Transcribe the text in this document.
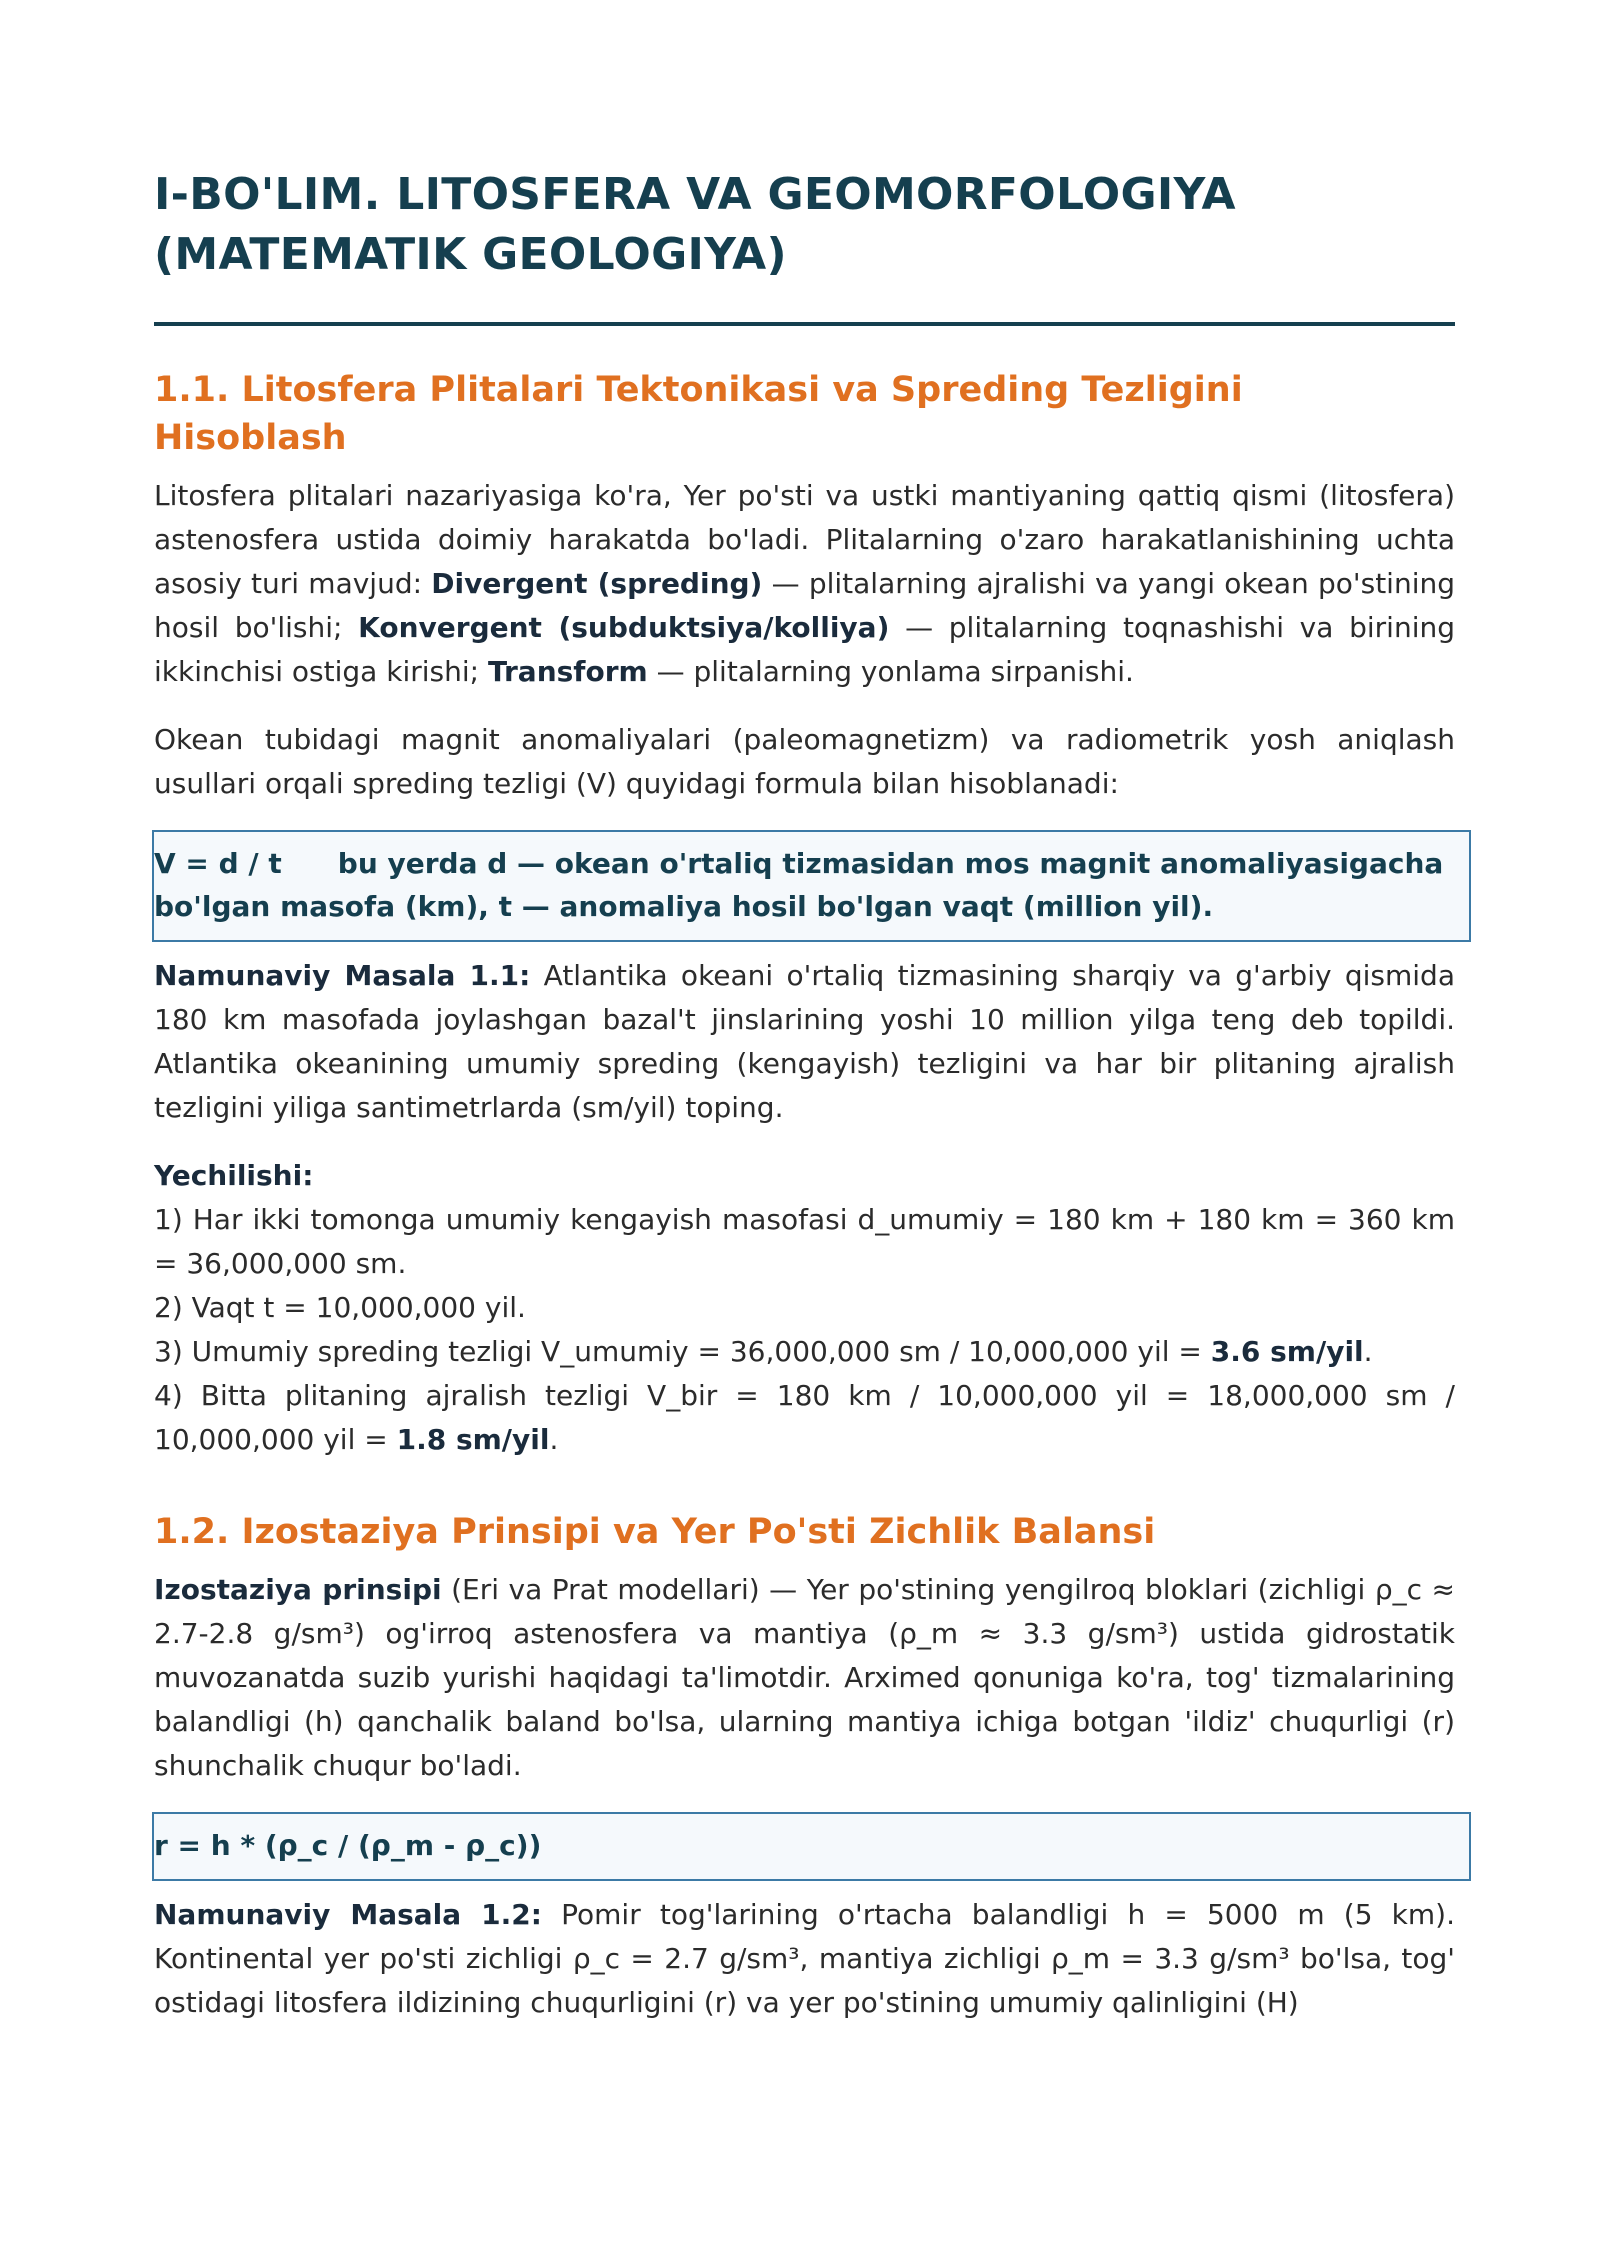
I-BO'LIM. LITOSFERA VA GEOMORFOLOGIYA
(MATEMATIK GEOLOGIYA)
1.1. Litosfera Plitalari Tektonikasi va Spreding Tezligini
Hisoblash

Litosfera plitalari nazariyasiga ko'ra, Yer po'sti va ustki mantiyaning qattiq qismi (litosfera) astenosfera ustida doimiy harakatda bo'ladi. Plitalarning o'zaro harakatlanishining uchta asosiy turi mavjud: Divergent (spreding) — plitalarning ajralishi va yangi okean po'stining hosil bo'lishi; Konvergent (subduktsiya/kolliya) — plitalarning toqnashishi va birining ikkinchisi ostiga kirishi; Transform — plitalarning yonlama sirpanishi.

Okean tubidagi magnit anomaliyalari (paleomagnetizm) va radiometrik yosh aniqlash usullari orqali spreding tezligi (V) quyidagi formula bilan hisoblanadi:

V = d / t bu yerda d — okean o'rtaliq tizmasidan mos magnit anomaliyasigacha bo'lgan masofa (km), t — anomaliya hosil bo'lgan vaqt (million yil).

Namunaviy Masala 1.1: Atlantika okeani o'rtaliq tizmasining sharqiy va g'arbiy qismida 180 km masofada joylashgan bazal't jinslarining yoshi 10 million yilga teng deb topildi. Atlantika okeanining umumiy spreding (kengayish) tezligini va har bir plitaning ajralish tezligini yiliga santimetrlarda (sm/yil) toping.

Yechilishi:
1) Har ikki tomonga umumiy kengayish masofasi d_umumiy = 180 km + 180 km = 360 km = 36,000,000 sm.
2) Vaqt t = 10,000,000 yil.
3) Umumiy spreding tezligi V_umumiy = 36,000,000 sm / 10,000,000 yil = 3.6 sm/yil.
4) Bitta plitaning ajralish tezligi V_bir = 180 km / 10,000,000 yil = 18,000,000 sm / 10,000,000 yil = 1.8 sm/yil.
1.2. Izostaziya Prinsipi va Yer Po'sti Zichlik Balansi

Izostaziya prinsipi (Eri va Prat modellari) — Yer po'stining yengilroq bloklari (zichligi ρ_c ≈ 2.7-2.8 g/sm³) og'irroq astenosfera va mantiya (ρ_m ≈ 3.3 g/sm³) ustida gidrostatik muvozanatda suzib yurishi haqidagi ta'limotdir. Arximed qonuniga ko'ra, tog' tizmalarining balandligi (h) qanchalik baland bo'lsa, ularning mantiya ichiga botgan 'ildiz' chuqurligi (r) shunchalik chuqur bo'ladi.

r = h * (ρ_c / (ρ_m - ρ_c))

Namunaviy Masala 1.2: Pomir tog'larining o'rtacha balandligi h = 5000 m (5 km). Kontinental yer po'sti zichligi ρ_c = 2.7 g/sm³, mantiya zichligi ρ_m = 3.3 g/sm³ bo'lsa, tog' ostidagi litosfera ildizining chuqurligini (r) va yer po'stining umumiy qalinligini (H)
